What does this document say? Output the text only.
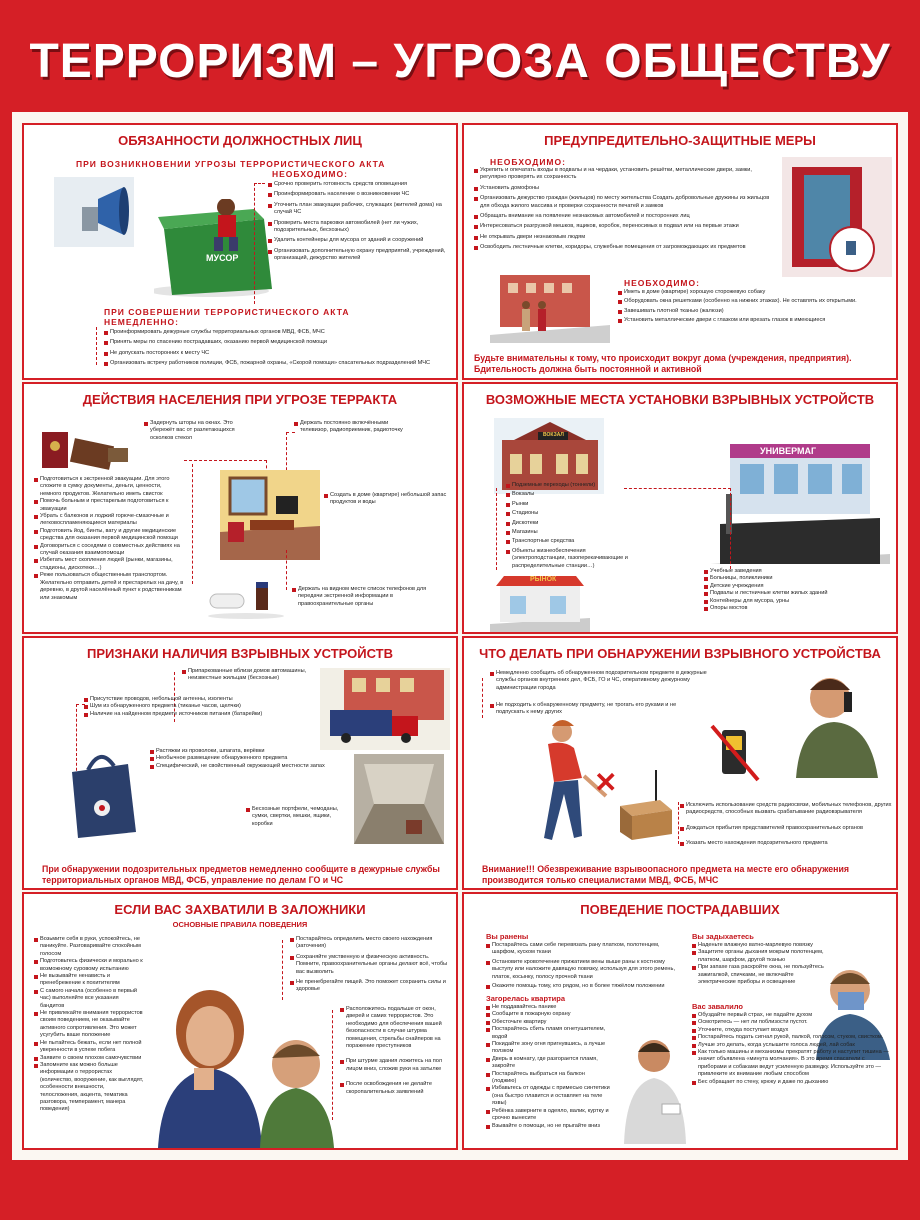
ТЕРРОРИЗМ – УГРОЗА ОБЩЕСТВУ
ОБЯЗАННОСТИ ДОЛЖНОСТНЫХ ЛИЦ
ПРИ ВОЗНИКНОВЕНИИ УГРОЗЫ ТЕРРОРИСТИЧЕСКОГО АКТА
НЕОБХОДИМО:
МУСОР
Срочно проверить готовность средств оповещения
Проинформировать население о возникновении ЧС
Уточнить план эвакуации рабочих, служащих (жителей дома) на случай ЧС
Проверить места парковки автомобилей (нет ли чужих, подозрительных, бесхозных)
Удалить контейнеры для мусора от зданий и сооружений
Организовать дополнительную охрану предприятий, учреждений, организаций, дежурство жителей
ПРИ СОВЕРШЕНИИ ТЕРРОРИСТИЧЕСКОГО АКТА
НЕМЕДЛЕННО:
Проинформировать дежурные службы территориальных органов МВД, ФСБ, МЧС
Принять меры по спасению пострадавших, оказанию первой медицинской помощи
Не допускать посторонних к месту ЧС
Организовать встречу работников полиции, ФСБ, пожарной охраны, «Скорой помощи» спасательных подразделений МЧС
ПРЕДУПРЕДИТЕЛЬНО-ЗАЩИТНЫЕ МЕРЫ
НЕОБХОДИМО:
Укрепить и опечатать входы в подвалы и на чердаки, установить решётки, металлические двери, замки, регулярно проверять их сохранность
Установить домофоны
Организовать дежурство граждан (жильцов) по месту жительства Создать добровольные дружины из жильцов для обхода жилого массива и проверки сохранности печатей и замков
Обращать внимание на появление незнакомых автомобилей и посторонних лиц
Интересоваться разгрузкой мешков, ящиков, коробок, переносимых в подвал или на первые этажи
Не открывать двери незнакомым людям
Освободить лестничные клетки, коридоры, служебные помещения от загромождающих их предметов
НЕОБХОДИМО:
Иметь в доме (квартире) хорошую сторожевую собаку
Оборудовать окна решетками (особенно на нижних этажах). Не оставлять их открытыми.
Завешивать плотной тканью (жалюзи)
Установить металлические двери с глазком или врезать глазок в имеющиеся
Будьте внимательны к тому, что происходит вокруг дома (учреждения, предприятия). Бдительность должна быть постоянной и активной
ДЕЙСТВИЯ НАСЕЛЕНИЯ ПРИ УГРОЗЕ ТЕРРАКТА
Задернуть шторы на окнах. Это убережёт вас от разлетающихся осколков стекол
Держать постоянно включёнными телевизор, радиоприемник, радиоточку
Подготовиться к экстренной эвакуации. Для этого сложите в сумку документы, деньги, ценности, немного продуктов. Желательно иметь свисток
Помочь больным и престарелым подготовиться к эвакуации
Убрать с балконов и лоджий горюче-смазочные и легковоспламеняющиеся материалы
Подготовить йод, бинты, вату и другие медицинские средства для оказания первой медицинской помощи
Договориться с соседями о совместных действиях на случай оказания взаимопомощи
Избегать мест скопления людей (рынки, магазины, стадионы, дискотеки…)
Реже пользоваться общественным транспортом. Желательно отправить детей и престарелых на дачу, в деревню, в другой населённый пункт к родственникам или знакомым
Создать в доме (квартире) небольшой запас продуктов и воды
Держать на видном месте список телефонов для передачи экстренной информации в правоохранительные органы
ВОЗМОЖНЫЕ МЕСТА УСТАНОВКИ ВЗРЫВНЫХ УСТРОЙСТВ
ВОКЗАЛ
УНИВЕРМАГ
Подземные переходы (тоннели)
Вокзалы
Рынки
Стадионы
Дискотеки
Магазины
Транспортные средства
Объекты жизнеобеспечения (электроподстанции, газоперекачивающие и распределительные станции…)
РЫНОК
Учебные заведения
Больницы, поликлиники
Детские учреждения
Подвалы и лестничные клетки жилых зданий
Контейнеры для мусора, урны
Опоры мостов
ПРИЗНАКИ НАЛИЧИЯ ВЗРЫВНЫХ УСТРОЙСТВ
Припаркованные вблизи домов автомашины, неизвестные жильцам (бесхозные)
Присутствие проводов, небольшой антенны, изоленты
Шум из обнаруженного предмета (тиканье часов, щелчки)
Наличие на найденном предмете источников питания (батарейки)
Растяжки из проволоки, шпагата, верёвки
Необычное размещение обнаруженного предмета
Специфический, не свойственный окружающей местности запах
Бесхозные портфели, чемоданы, сумки, свертки, мешки, ящики, коробки
При обнаружении подозрительных предметов немедленно сообщите в дежурные службы территориальных органов МВД, ФСБ, управление по делам ГО и ЧС
ЧТО ДЕЛАТЬ ПРИ ОБНАРУЖЕНИИ ВЗРЫВНОГО УСТРОЙСТВА
Немедленно сообщить об обнаруженном подозрительном предмете в дежурные службы органов внутренних дел, ФСБ, ГО и ЧС, оперативному дежурному администрации города
Не подходить к обнаруженному предмету, не трогать его руками и не подпускать к нему других
✕
Исключить использование средств радиосвязи, мобильных телефонов, других радиосредств, способных вызвать срабатывание радиовзрывателя
Дождаться прибытия представителей правоохранительных органов
Указать место нахождения подозрительного предмета
Внимание!!! Обезвреживание взрывоопасного предмета на месте его обнаружения производится только специалистами МВД, ФСБ, МЧС
ЕСЛИ ВАС ЗАХВАТИЛИ В ЗАЛОЖНИКИ
ОСНОВНЫЕ ПРАВИЛА ПОВЕДЕНИЯ
Возьмите себя в руки, успокойтесь, не паникуйте. Разговаривайте спокойным голосом
Подготовьтесь физически и морально к возможному суровому испытанию
Не вызывайте ненависть и пренебрежение к похитителям
С самого начала (особенно в первый час) выполняйте все указания бандитов
Не привлекайте внимания террористов своим поведением, не оказывайте активного сопротивления. Это может усугубить ваше положение
Не пытайтесь бежать, если нет полной уверенности в успехе побега
Заявите о своем плохом самочувствии
Запомните как можно больше информации о террористах (количество, вооружение, как выглядят, особенности внешности, телосложения, акцента, тематика разговора, темперамент, манера поведения)
Постарайтесь определить место своего нахождения (заточения)
Сохраняйте умственную и физическую активность. Помните, правоохранительные органы делают всё, чтобы вас вызволить
Не пренебрегайте пищей. Это поможет сохранить силы и здоровье
Расположитесь подальше от окон, дверей и самих террористов. Это необходимо для обеспечения вашей безопасности в случае штурма помещения, стрельбы снайперов на поражение преступников
При штурме здания ложитесь на пол лицом вниз, сложив руки на затылке
После освобождения не делайте скоропалительных заявлений
ПОВЕДЕНИЕ ПОСТРАДАВШИХ
Вы ранены
Постарайтесь сами себе перевязать рану платком, полотенцем, шарфом, куском ткани
Остановите кровотечение прижатием вены выше раны к костному выступу или наложите давящую повязку, используя для этого ремень, платок, косынку, полосу прочной ткани
Окажите помощь тому, кто рядом, но в более тяжёлом положении
Загорелась квартира
Не поддавайтесь панике
Сообщите в пожарную охрану
Обесточьте квартиру
Постарайтесь сбить пламя огнетушителем, водой
Покидайте зону огня пригнувшись, а лучше ползком
Дверь в комнату, где разгорается пламя, закройте
Постарайтесь выбраться на балкон (лоджию)
Избавьтесь от одежды с примесью синтетики (она быстро плавится и оставляет на теле язвы)
Ребёнка заверните в одеяло, валик, куртку и срочно вынесите
Взывайте о помощи, но не прыгайте вниз
Вы задыхаетесь
Наденьте влажную ватно-марлевую повязку
Защитите органы дыхания мокрым полотенцем, платком, шарфом, другой тканью
При запахе газа раскройте окна, не пользуйтесь зажигалкой, спичками, не включайте электрические приборы и освещение
Вас завалило
Обуздайте первый страх, не падайте духом
Осмотритесь — нет ли поблизости пустот.
Уточните, откуда поступает воздух
Постарайтесь подать сигнал рукой, палкой, голосом, стуком, свистком.
Лучше это делать, когда услышите голоса людей, лай собак
Как только машины и механизмы прекратят работу и наступит тишина — значит объявлена «минута молчания». В это время спасатели с приборами и собаками ведут усиленную разведку. Используйте это — привлеките их внимание любым способом
Бес обращает по стену, крюку и даже по дыханию
